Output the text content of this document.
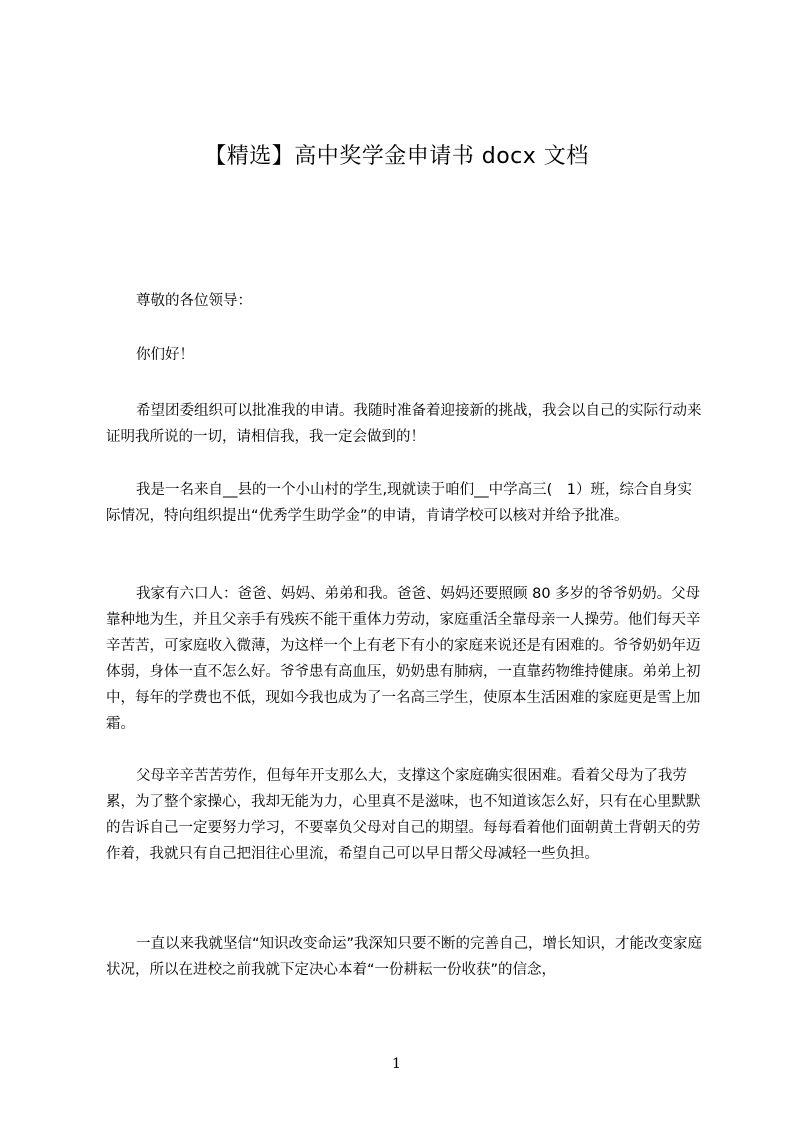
【精选】高中奖学金申请书 docx 文档

尊敬的各位领导：

你们好！

希望团委组织可以批准我的申请。我随时准备着迎接新的挑战，我会以自己的实际行动来证明我所说的一切，请相信我，我一定会做到的！

我是一名来自__县的一个小山村的学生,现就读于咱们__中学高三(　1）班，综合自身实际情况，特向组织提出“优秀学生助学金”的申请，肯请学校可以核对并给予批准。

我家有六口人：爸爸、妈妈、弟弟和我。爸爸、妈妈还要照顾 80 多岁的爷爷奶奶。父母靠种地为生，并且父亲手有残疾不能干重体力劳动，家庭重活全靠母亲一人操劳。他们每天辛辛苦苦，可家庭收入微薄，为这样一个上有老下有小的家庭来说还是有困难的。爷爷奶奶年迈体弱，身体一直不怎么好。爷爷患有高血压，奶奶患有肺病，一直靠药物维持健康。弟弟上初中，每年的学费也不低，现如今我也成为了一名高三学生，使原本生活困难的家庭更是雪上加霜。

父母辛辛苦苦劳作，但每年开支那么大，支撑这个家庭确实很困难。看着父母为了我劳累，为了整个家操心，我却无能为力，心里真不是滋味，也不知道该怎么好，只有在心里默默的告诉自己一定要努力学习，不要辜负父母对自己的期望。每每看着他们面朝黄土背朝天的劳作着，我就只有自己把泪往心里流，希望自己可以早日帮父母减轻一些负担。

一直以来我就坚信“知识改变命运”我深知只要不断的完善自己，增长知识，才能改变家庭状况，所以在进校之前我就下定决心本着“一份耕耘一份收获”的信念，

1
